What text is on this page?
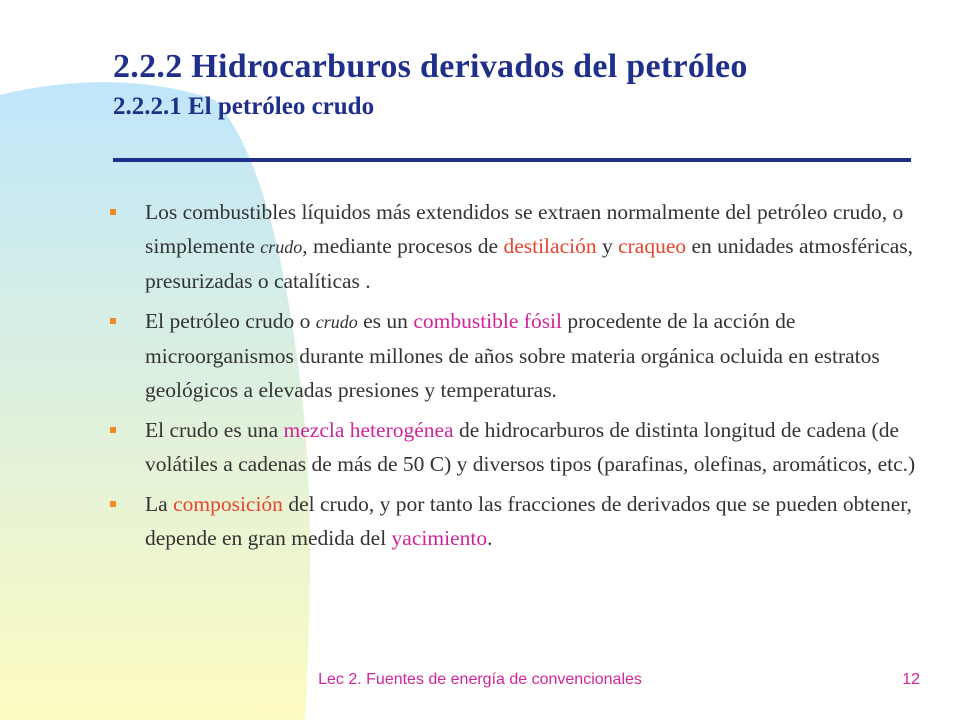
2.2.2 Hidrocarburos derivados del petróleo
2.2.2.1 El petróleo crudo
Los combustibles líquidos más extendidos se extraen normalmente del petróleo crudo, o simplemente crudo, mediante procesos de destilación y craqueo en unidades atmosféricas, presurizadas o catalíticas .
El petróleo crudo o crudo es un combustible fósil procedente de la acción de microorganismos durante millones de años sobre materia orgánica ocluida en estratos geológicos a elevadas presiones y temperaturas.
El crudo es una mezcla heterogénea de hidrocarburos de distinta longitud de cadena (de volátiles a cadenas de más de 50 C) y diversos tipos (parafinas, olefinas, aromáticos, etc.)
La composición del crudo, y por tanto las fracciones de derivados que se pueden obtener, depende en gran medida del yacimiento.
Lec 2. Fuentes de energía de convencionales	12
